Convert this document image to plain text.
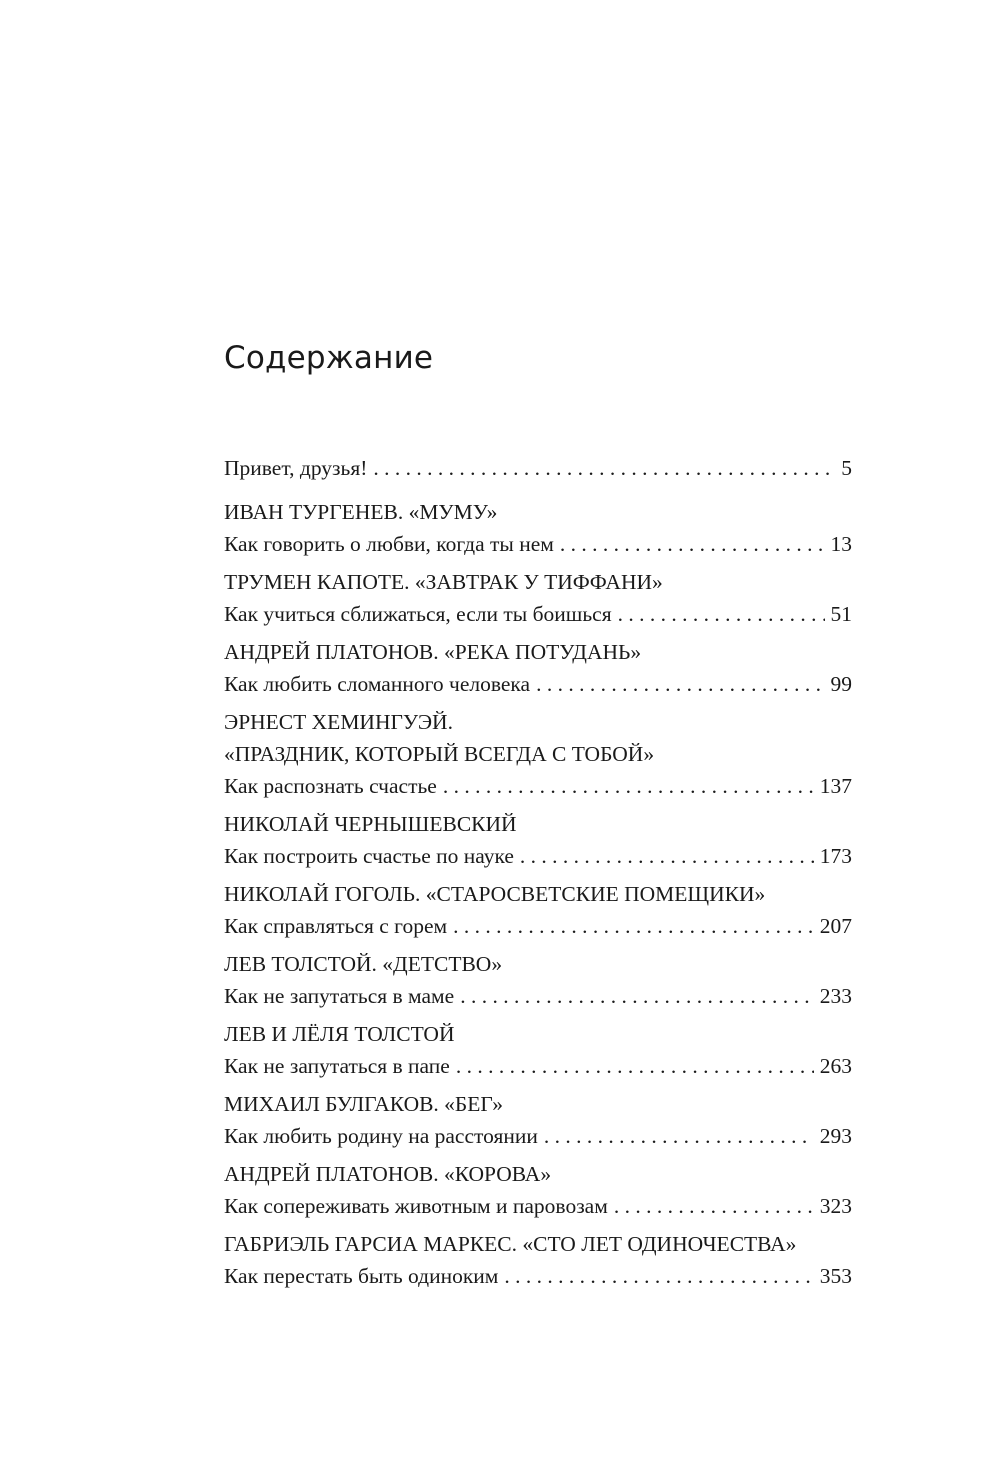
Содержание
Привет, друзья! . . .	5
ИВАН ТУРГЕНЕВ. «МУМУ»
Как говорить о любви, когда ты нем . . .	13
ТРУМЕН КАПОТЕ. «ЗАВТРАК У ТИФФАНИ»
Как учиться сближаться, если ты боишься . . .	51
АНДРЕЙ ПЛАТОНОВ. «РЕКА ПОТУДАНЬ»
Как любить сломанного человека . . .	99
ЭРНЕСТ ХЕМИНГУЭЙ.
«ПРАЗДНИК, КОТОРЫЙ ВСЕГДА С ТОБОЙ»
Как распознать счастье . . .	137
НИКОЛАЙ ЧЕРНЫШЕВСКИЙ
Как построить счастье по науке . . .	173
НИКОЛАЙ ГОГОЛЬ. «СТАРОСВЕТСКИЕ ПОМЕЩИКИ»
Как справляться с горем . . .	207
ЛЕВ ТОЛСТОЙ. «ДЕТСТВО»
Как не запутаться в маме . . .	233
ЛЕВ И ЛЁЛЯ ТОЛСТОЙ
Как не запутаться в папе . . .	263
МИХАИЛ БУЛГАКОВ. «БЕГ»
Как любить родину на расстоянии . . .	293
АНДРЕЙ ПЛАТОНОВ. «КОРОВА»
Как сопереживать животным и паровозам . . .	323
ГАБРИЭЛЬ ГАРСИА МАРКЕС. «СТО ЛЕТ ОДИНОЧЕСТВА»
Как перестать быть одиноким . . .	353
